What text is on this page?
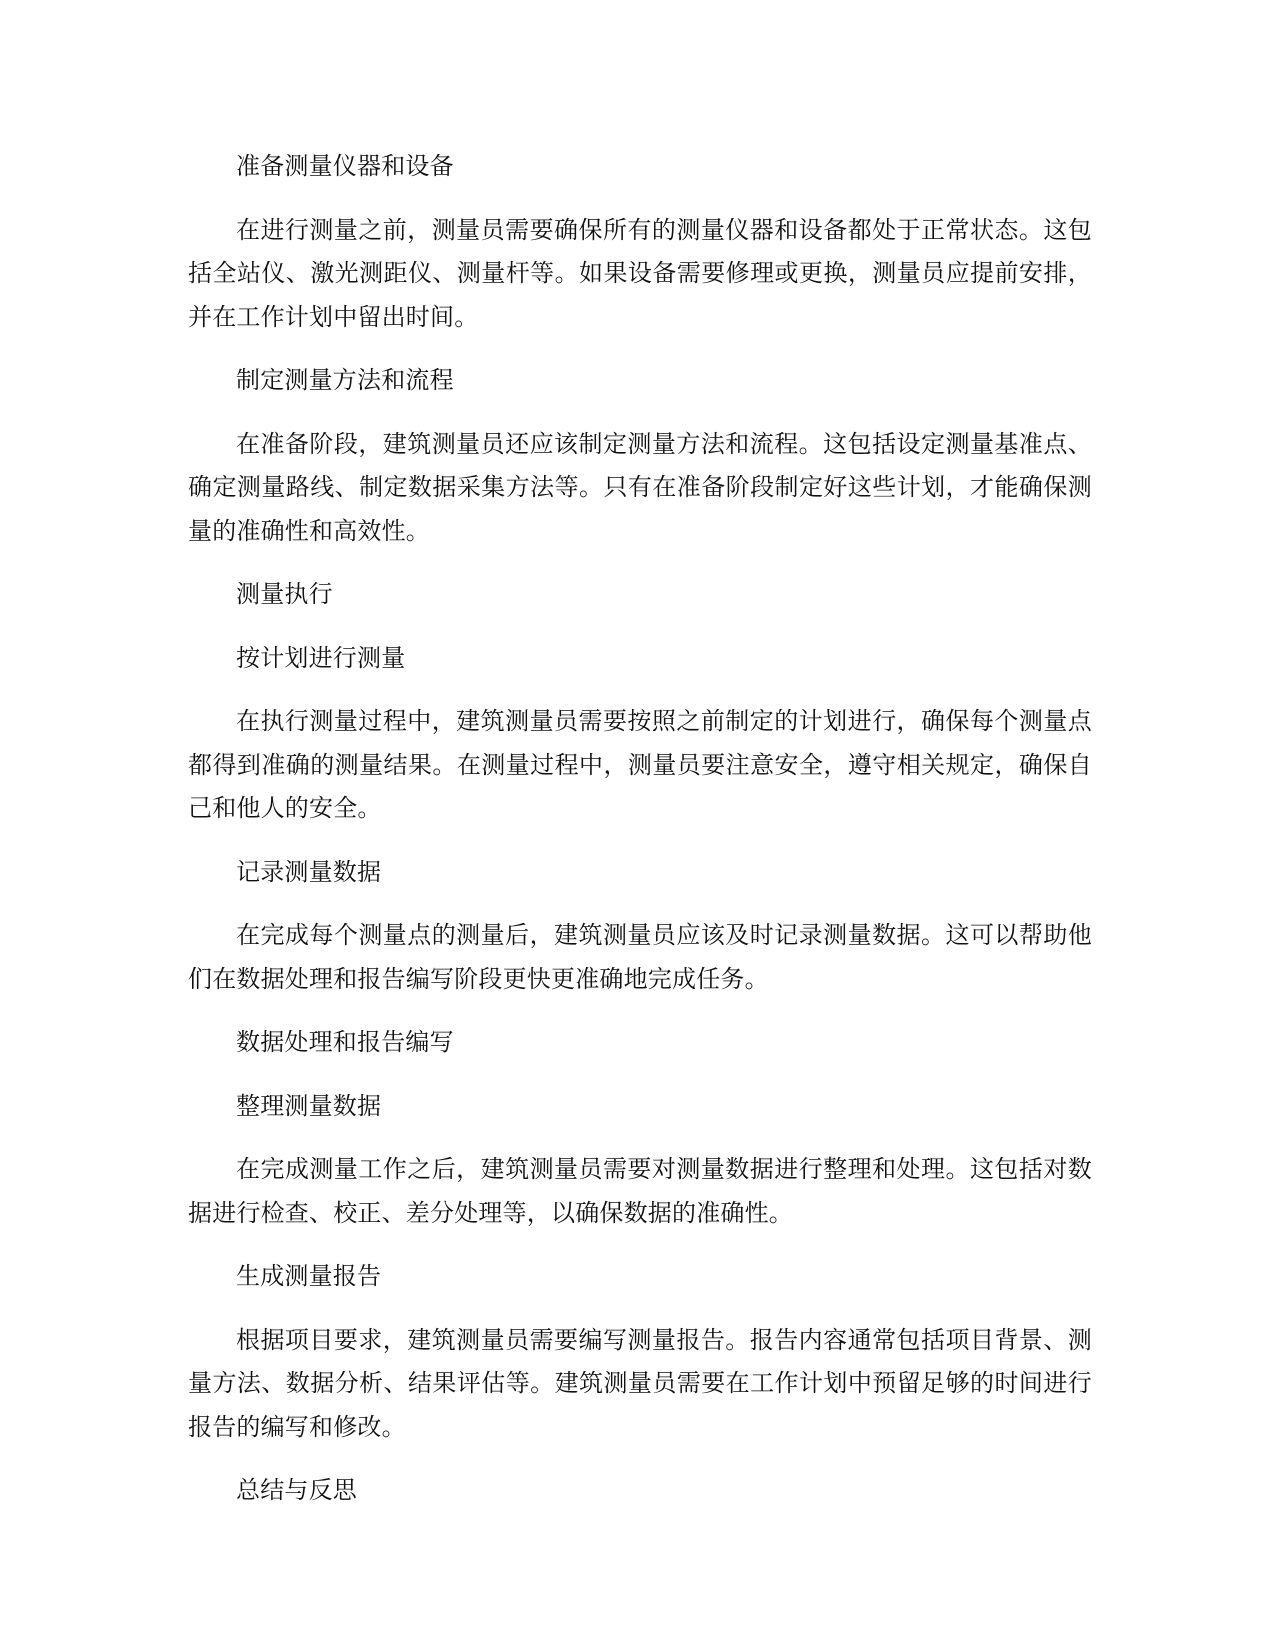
准备测量仪器和设备

在进行测量之前，测量员需要确保所有的测量仪器和设备都处于正常状态。这包括全站仪、激光测距仪、测量杆等。如果设备需要修理或更换，测量员应提前安排，并在工作计划中留出时间。

制定测量方法和流程

在准备阶段，建筑测量员还应该制定测量方法和流程。这包括设定测量基准点、确定测量路线、制定数据采集方法等。只有在准备阶段制定好这些计划，才能确保测量的准确性和高效性。

测量执行

按计划进行测量

在执行测量过程中，建筑测量员需要按照之前制定的计划进行，确保每个测量点都得到准确的测量结果。在测量过程中，测量员要注意安全，遵守相关规定，确保自己和他人的安全。

记录测量数据

在完成每个测量点的测量后，建筑测量员应该及时记录测量数据。这可以帮助他们在数据处理和报告编写阶段更快更准确地完成任务。

数据处理和报告编写

整理测量数据

在完成测量工作之后，建筑测量员需要对测量数据进行整理和处理。这包括对数据进行检查、校正、差分处理等，以确保数据的准确性。

生成测量报告

根据项目要求，建筑测量员需要编写测量报告。报告内容通常包括项目背景、测量方法、数据分析、结果评估等。建筑测量员需要在工作计划中预留足够的时间进行报告的编写和修改。

总结与反思
